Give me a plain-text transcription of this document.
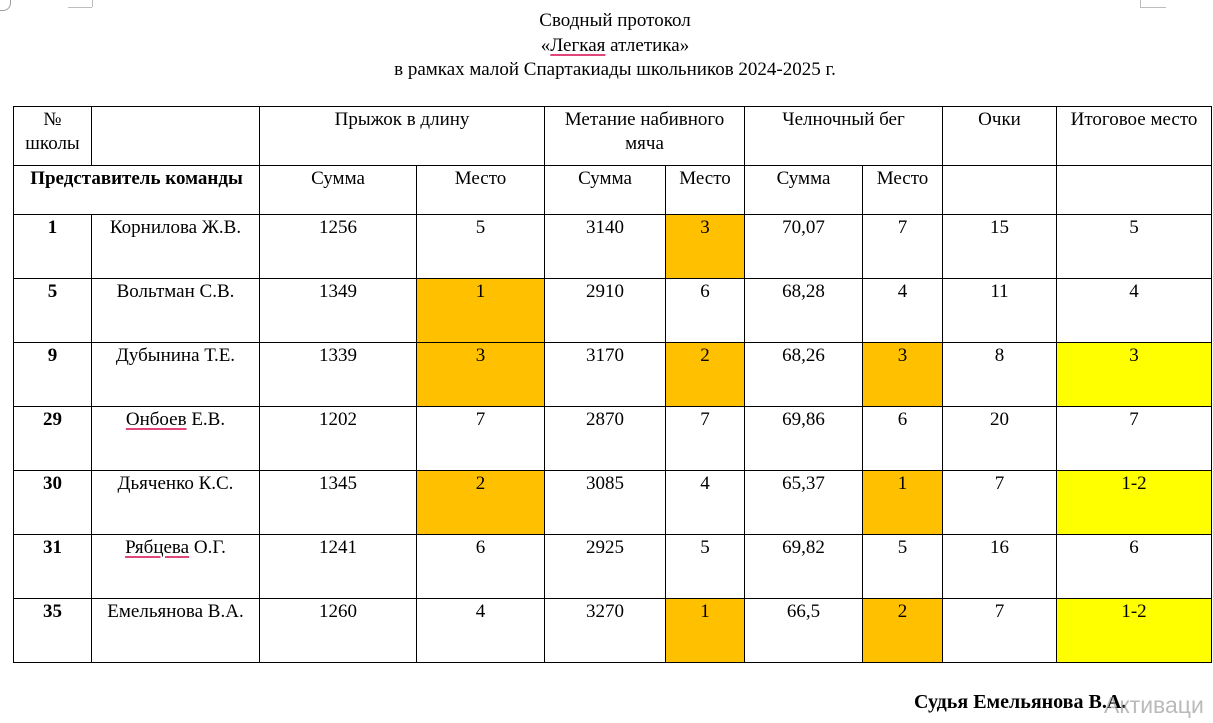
Сводный протокол
«Легкая атлетика»
в рамках малой Спартакиады школьников 2024-2025 г.
№ школы		Прыжок в длину		Метание набивного мяча		Челночный бег		Очки	Итоговое место
Представитель команды		Сумма	Место	Сумма	Место	Сумма	Место		
1	Корнилова Ж.В.	1256	5	3140	3	70,07	7	15	5
5	Вольтман С.В.	1349	1	2910	6	68,28	4	11	4
9	Дубынина Т.Е.	1339	3	3170	2	68,26	3	8	3
29	Онбоев Е.В.	1202	7	2870	7	69,86	6	20	7
30	Дьяченко К.С.	1345	2	3085	4	65,37	1	7	1-2
31	Рябцева О.Г.	1241	6	2925	5	69,82	5	16	6
35	Емельянова В.А.	1260	4	3270	1	66,5	2	7	1-2
Судья Емельянова В.А.
Активаци
